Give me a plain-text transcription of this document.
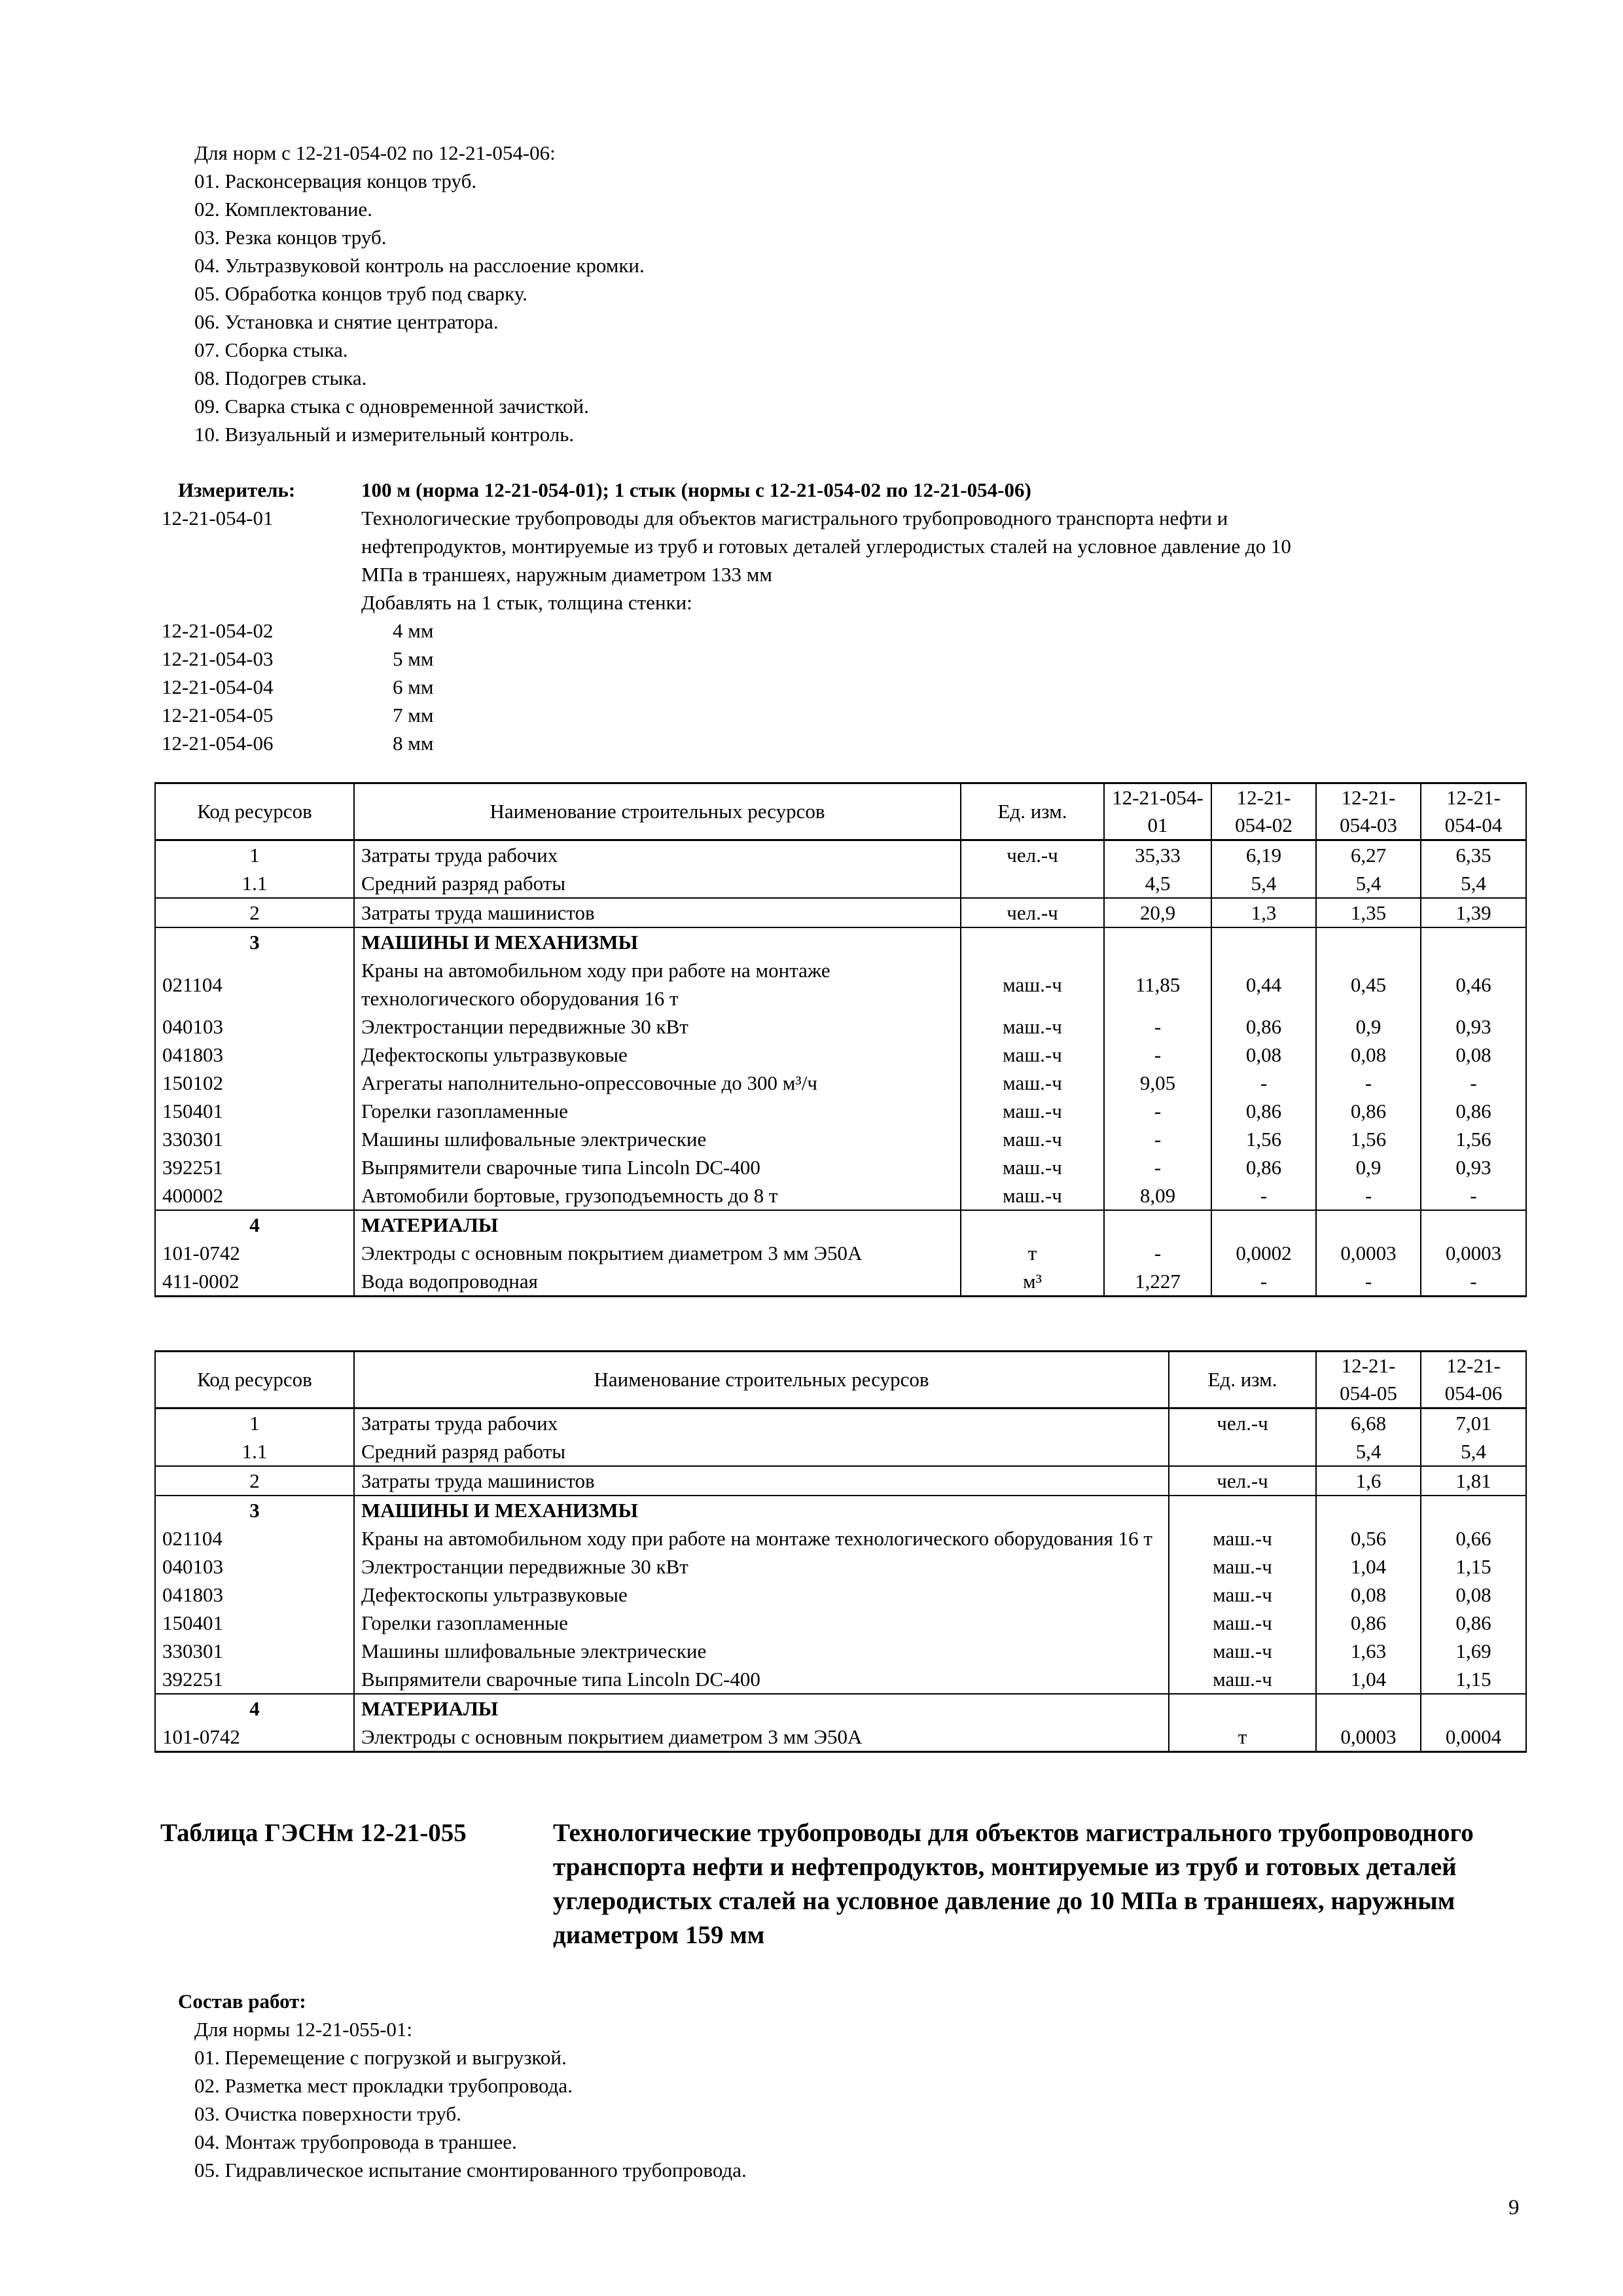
Для норм с 12-21-054-02 по 12-21-054-06:
01. Расконсервация концов труб.
02. Комплектование.
03. Резка концов труб.
04. Ультразвуковой контроль на расслоение кромки.
05. Обработка концов труб под сварку.
06. Установка и снятие центратора.
07. Сборка стыка.
08. Подогрев стыка.
09. Сварка стыка с одновременной зачисткой.
10. Визуальный и измерительный контроль.
Измеритель:	100 м (норма 12-21-054-01); 1 стык (нормы с 12-21-054-02 по 12-21-054-06)
12-21-054-01	Технологические трубопроводы для объектов магистрального трубопроводного транспорта нефти и
нефтепродуктов, монтируемые из труб и готовых деталей углеродистых сталей на условное давление до 10
МПа в траншеях, наружным диаметром 133 мм
Добавлять на 1 стык, толщина стенки:
12-21-054-02	4 мм
12-21-054-03	5 мм
12-21-054-04	6 мм
12-21-054-05	7 мм
12-21-054-06	8 мм
Код ресурсов	Наименование строительных ресурсов	Ед. изм.	12-21-054-01	12-21-054-02	12-21-054-03	12-21-054-04
1	Затраты труда рабочих	чел.-ч	35,33	6,19	6,27	6,35
1.1	Средний разряд работы		4,5	5,4	5,4	5,4
2	Затраты труда машинистов	чел.-ч	20,9	1,3	1,35	1,39
3	МАШИНЫ И МЕХАНИЗМЫ					
021104	Краны на автомобильном ходу при работе на монтаже технологического оборудования 16 т	маш.-ч	11,85	0,44	0,45	0,46
040103	Электростанции передвижные 30 кВт	маш.-ч	-	0,86	0,9	0,93
041803	Дефектоскопы ультразвуковые	маш.-ч	-	0,08	0,08	0,08
150102	Агрегаты наполнительно-опрессовочные до 300 м³/ч	маш.-ч	9,05	-	-	-
150401	Горелки газопламенные	маш.-ч	-	0,86	0,86	0,86
330301	Машины шлифовальные электрические	маш.-ч	-	1,56	1,56	1,56
392251	Выпрямители сварочные типа Lincoln DC-400	маш.-ч	-	0,86	0,9	0,93
400002	Автомобили бортовые, грузоподъемность до 8 т	маш.-ч	8,09	-	-	-
4	МАТЕРИАЛЫ					
101-0742	Электроды с основным покрытием диаметром 3 мм Э50А	т	-	0,0002	0,0003	0,0003
411-0002	Вода водопроводная	м³	1,227	-	-	-
Код ресурсов	Наименование строительных ресурсов	Ед. изм.	12-21-054-05	12-21-054-06
1	Затраты труда рабочих	чел.-ч	6,68	7,01
1.1	Средний разряд работы		5,4	5,4
2	Затраты труда машинистов	чел.-ч	1,6	1,81
3	МАШИНЫ И МЕХАНИЗМЫ			
021104	Краны на автомобильном ходу при работе на монтаже технологического оборудования 16 т	маш.-ч	0,56	0,66
040103	Электростанции передвижные 30 кВт	маш.-ч	1,04	1,15
041803	Дефектоскопы ультразвуковые	маш.-ч	0,08	0,08
150401	Горелки газопламенные	маш.-ч	0,86	0,86
330301	Машины шлифовальные электрические	маш.-ч	1,63	1,69
392251	Выпрямители сварочные типа Lincoln DC-400	маш.-ч	1,04	1,15
4	МАТЕРИАЛЫ			
101-0742	Электроды с основным покрытием диаметром 3 мм Э50А	т	0,0003	0,0004
Таблица ГЭСНм 12-21-055	Технологические трубопроводы для объектов магистрального трубопроводного транспорта нефти и нефтепродуктов, монтируемые из труб и готовых деталей углеродистых сталей на условное давление до 10 МПа в траншеях, наружным диаметром 159 мм
Состав работ:
Для нормы 12-21-055-01:
01. Перемещение с погрузкой и выгрузкой.
02. Разметка мест прокладки трубопровода.
03. Очистка поверхности труб.
04. Монтаж трубопровода в траншее.
05. Гидравлическое испытание смонтированного трубопровода.
9
